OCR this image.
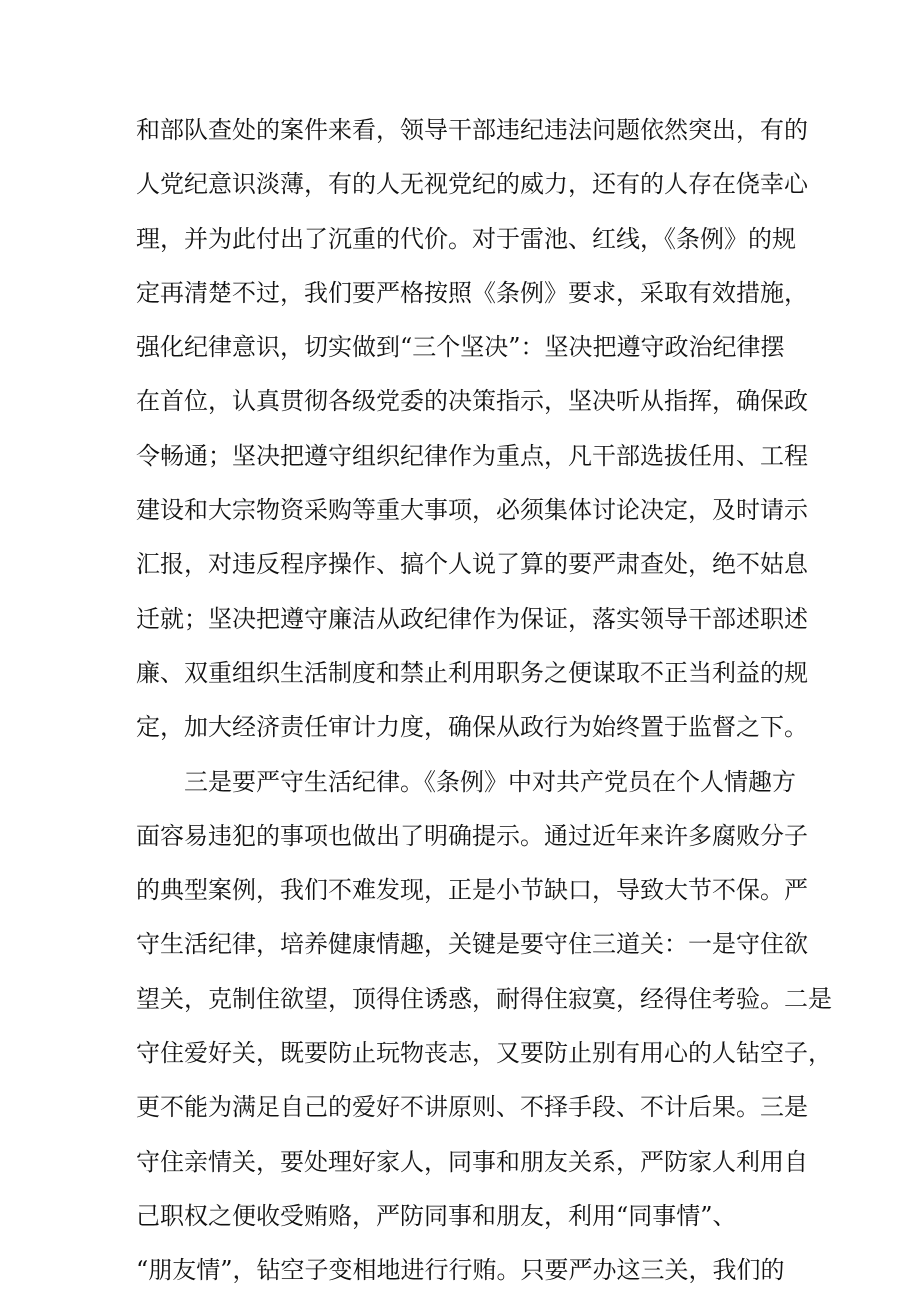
和部队查处的案件来看，领导干部违纪违法问题依然突出，有的
人党纪意识淡薄，有的人无视党纪的威力，还有的人存在侥幸心
理，并为此付出了沉重的代价。对于雷池、红线，《条例》的规
定再清楚不过，我们要严格按照《条例》要求，采取有效措施，
强化纪律意识，切实做到“三个坚决”：坚决把遵守政治纪律摆
在首位，认真贯彻各级党委的决策指示，坚决听从指挥，确保政
令畅通；坚决把遵守组织纪律作为重点，凡干部选拔任用、工程
建设和大宗物资采购等重大事项，必须集体讨论决定，及时请示
汇报，对违反程序操作、搞个人说了算的要严肃查处，绝不姑息
迁就；坚决把遵守廉洁从政纪律作为保证，落实领导干部述职述
廉、双重组织生活制度和禁止利用职务之便谋取不正当利益的规
定，加大经济责任审计力度，确保从政行为始终置于监督之下。
三是要严守生活纪律。《条例》中对共产党员在个人情趣方
面容易违犯的事项也做出了明确提示。通过近年来许多腐败分子
的典型案例，我们不难发现，正是小节缺口，导致大节不保。严
守生活纪律，培养健康情趣，关键是要守住三道关：一是守住欲
望关，克制住欲望，顶得住诱惑，耐得住寂寞，经得住考验。二是
守住爱好关，既要防止玩物丧志，又要防止别有用心的人钻空子，
更不能为满足自己的爱好不讲原则、不择手段、不计后果。三是
守住亲情关，要处理好家人，同事和朋友关系，严防家人利用自
己职权之便收受贿赂，严防同事和朋友，利用“同事情”、
“朋友情”，钻空子变相地进行行贿。只要严办这三关，我们的
